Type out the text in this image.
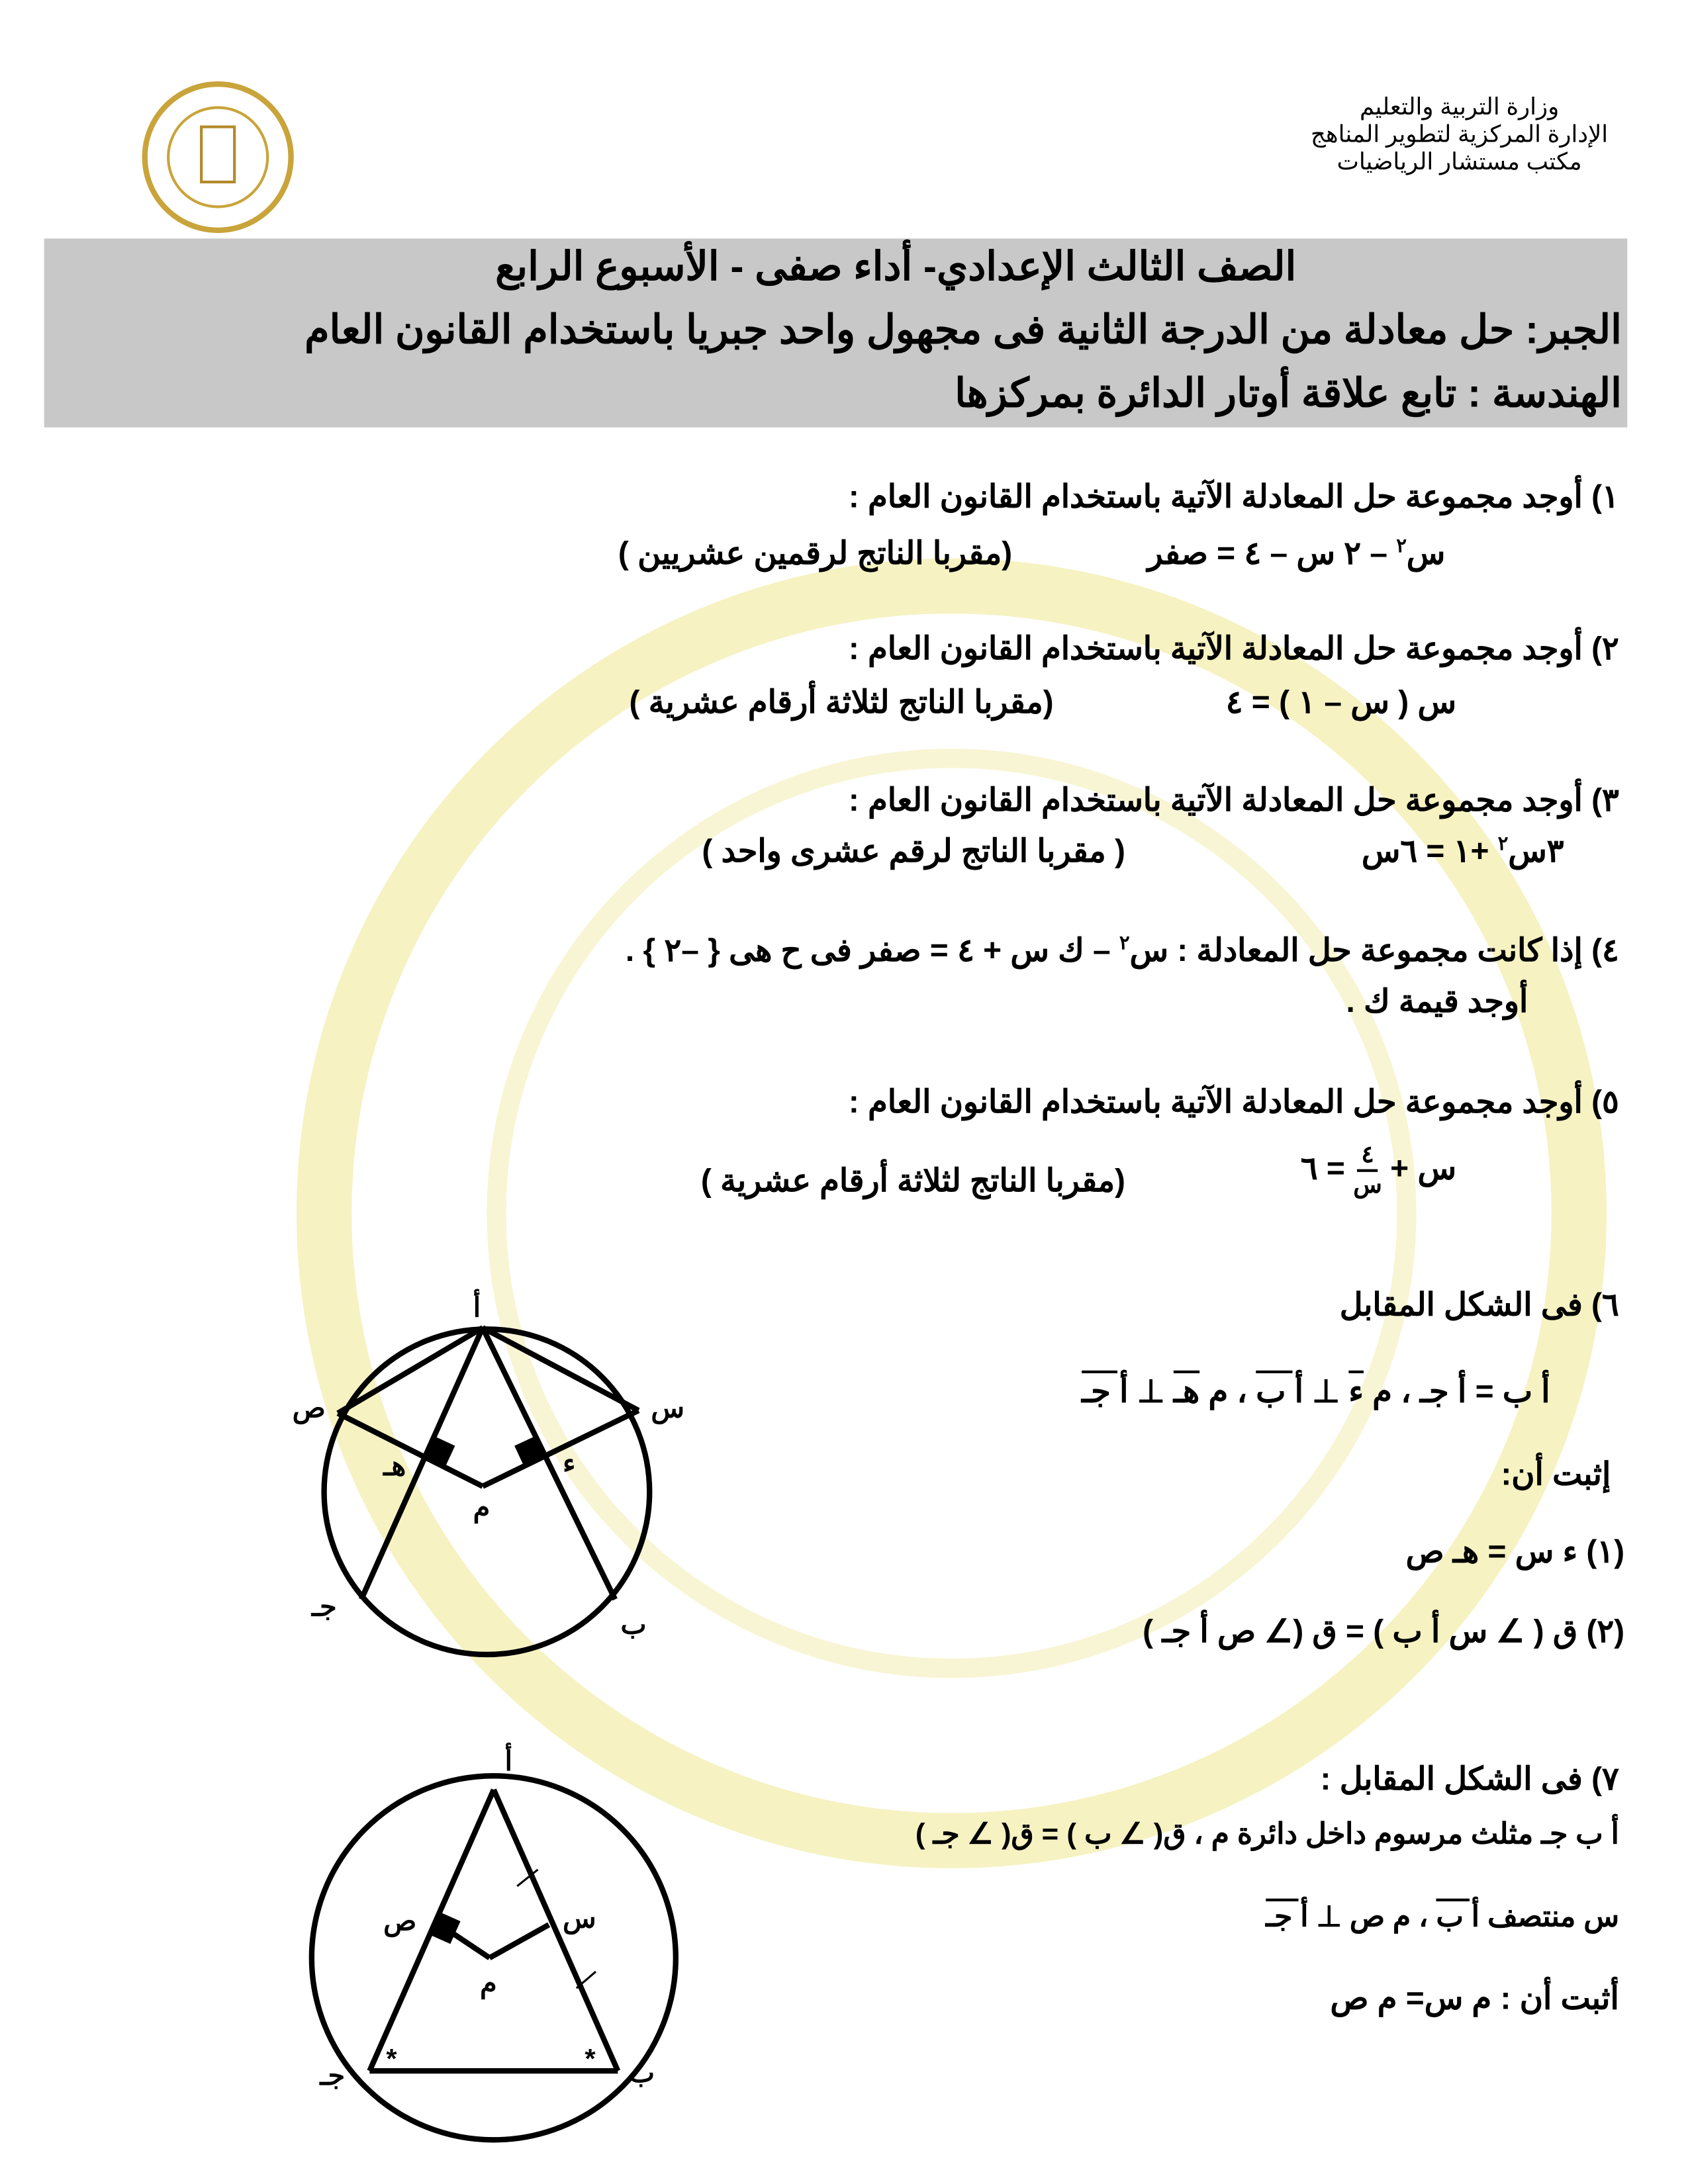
وزارة التربية والتعليم
الإدارة المركزية لتطوير المناهج
مكتب مستشار الرياضيات
الصف الثالث الإعدادي- أداء صفى - الأسبوع الرابع
الجبر: حل معادلة من الدرجة الثانية فى مجهول واحد جبريا باستخدام القانون العام
الهندسة : تابع علاقة أوتار الدائرة بمركزها
١) أوجد مجموعة حل المعادلة الآتية باستخدام القانون العام :
س$^٢$ – ٢ س – ٤ = صفر
(مقربا الناتج لرقمين عشريين )
٢) أوجد مجموعة حل المعادلة الآتية باستخدام القانون العام :
س ( س – ١ ) = ٤
(مقربا الناتج لثلاثة أرقام عشرية )
٣) أوجد مجموعة حل المعادلة الآتية باستخدام القانون العام :
٣س$^٢$ +١ = ٦س
( مقربا الناتج لرقم عشرى واحد )
٤) إذا كانت مجموعة حل المعادلة : س$^٢$ – ك س + ٤ = صفر فى ح هى { –٢ } .
أوجد قيمة ك .
٥) أوجد مجموعة حل المعادلة الآتية باستخدام القانون العام :
س +
$\frac{٤}{\text{س}}$
= ٦
(مقربا الناتج لثلاثة أرقام عشرية )
٦) فى الشكل المقابل
أ ب = أ جـ ، م ء ⊥ أ ب ، م هـ ⊥ أ جـ
إثبت أن:
(١) ء س = هـ ص
(٢) ق ( ∠ س أ ب ) = ق (∠ ص أ جـ )
أ
س
ص
ب
جـ
م
ء
هـ
٧) فى الشكل المقابل :
أ ب جـ مثلث مرسوم داخل دائرة م ، ق( ∠ ب ) = ق( ∠ جـ )
س منتصف أ ب ، م ص ⊥ أ جـ
أثبت أن : م س= م ص
أ
س
ص
م
ب
جـ
*	*
